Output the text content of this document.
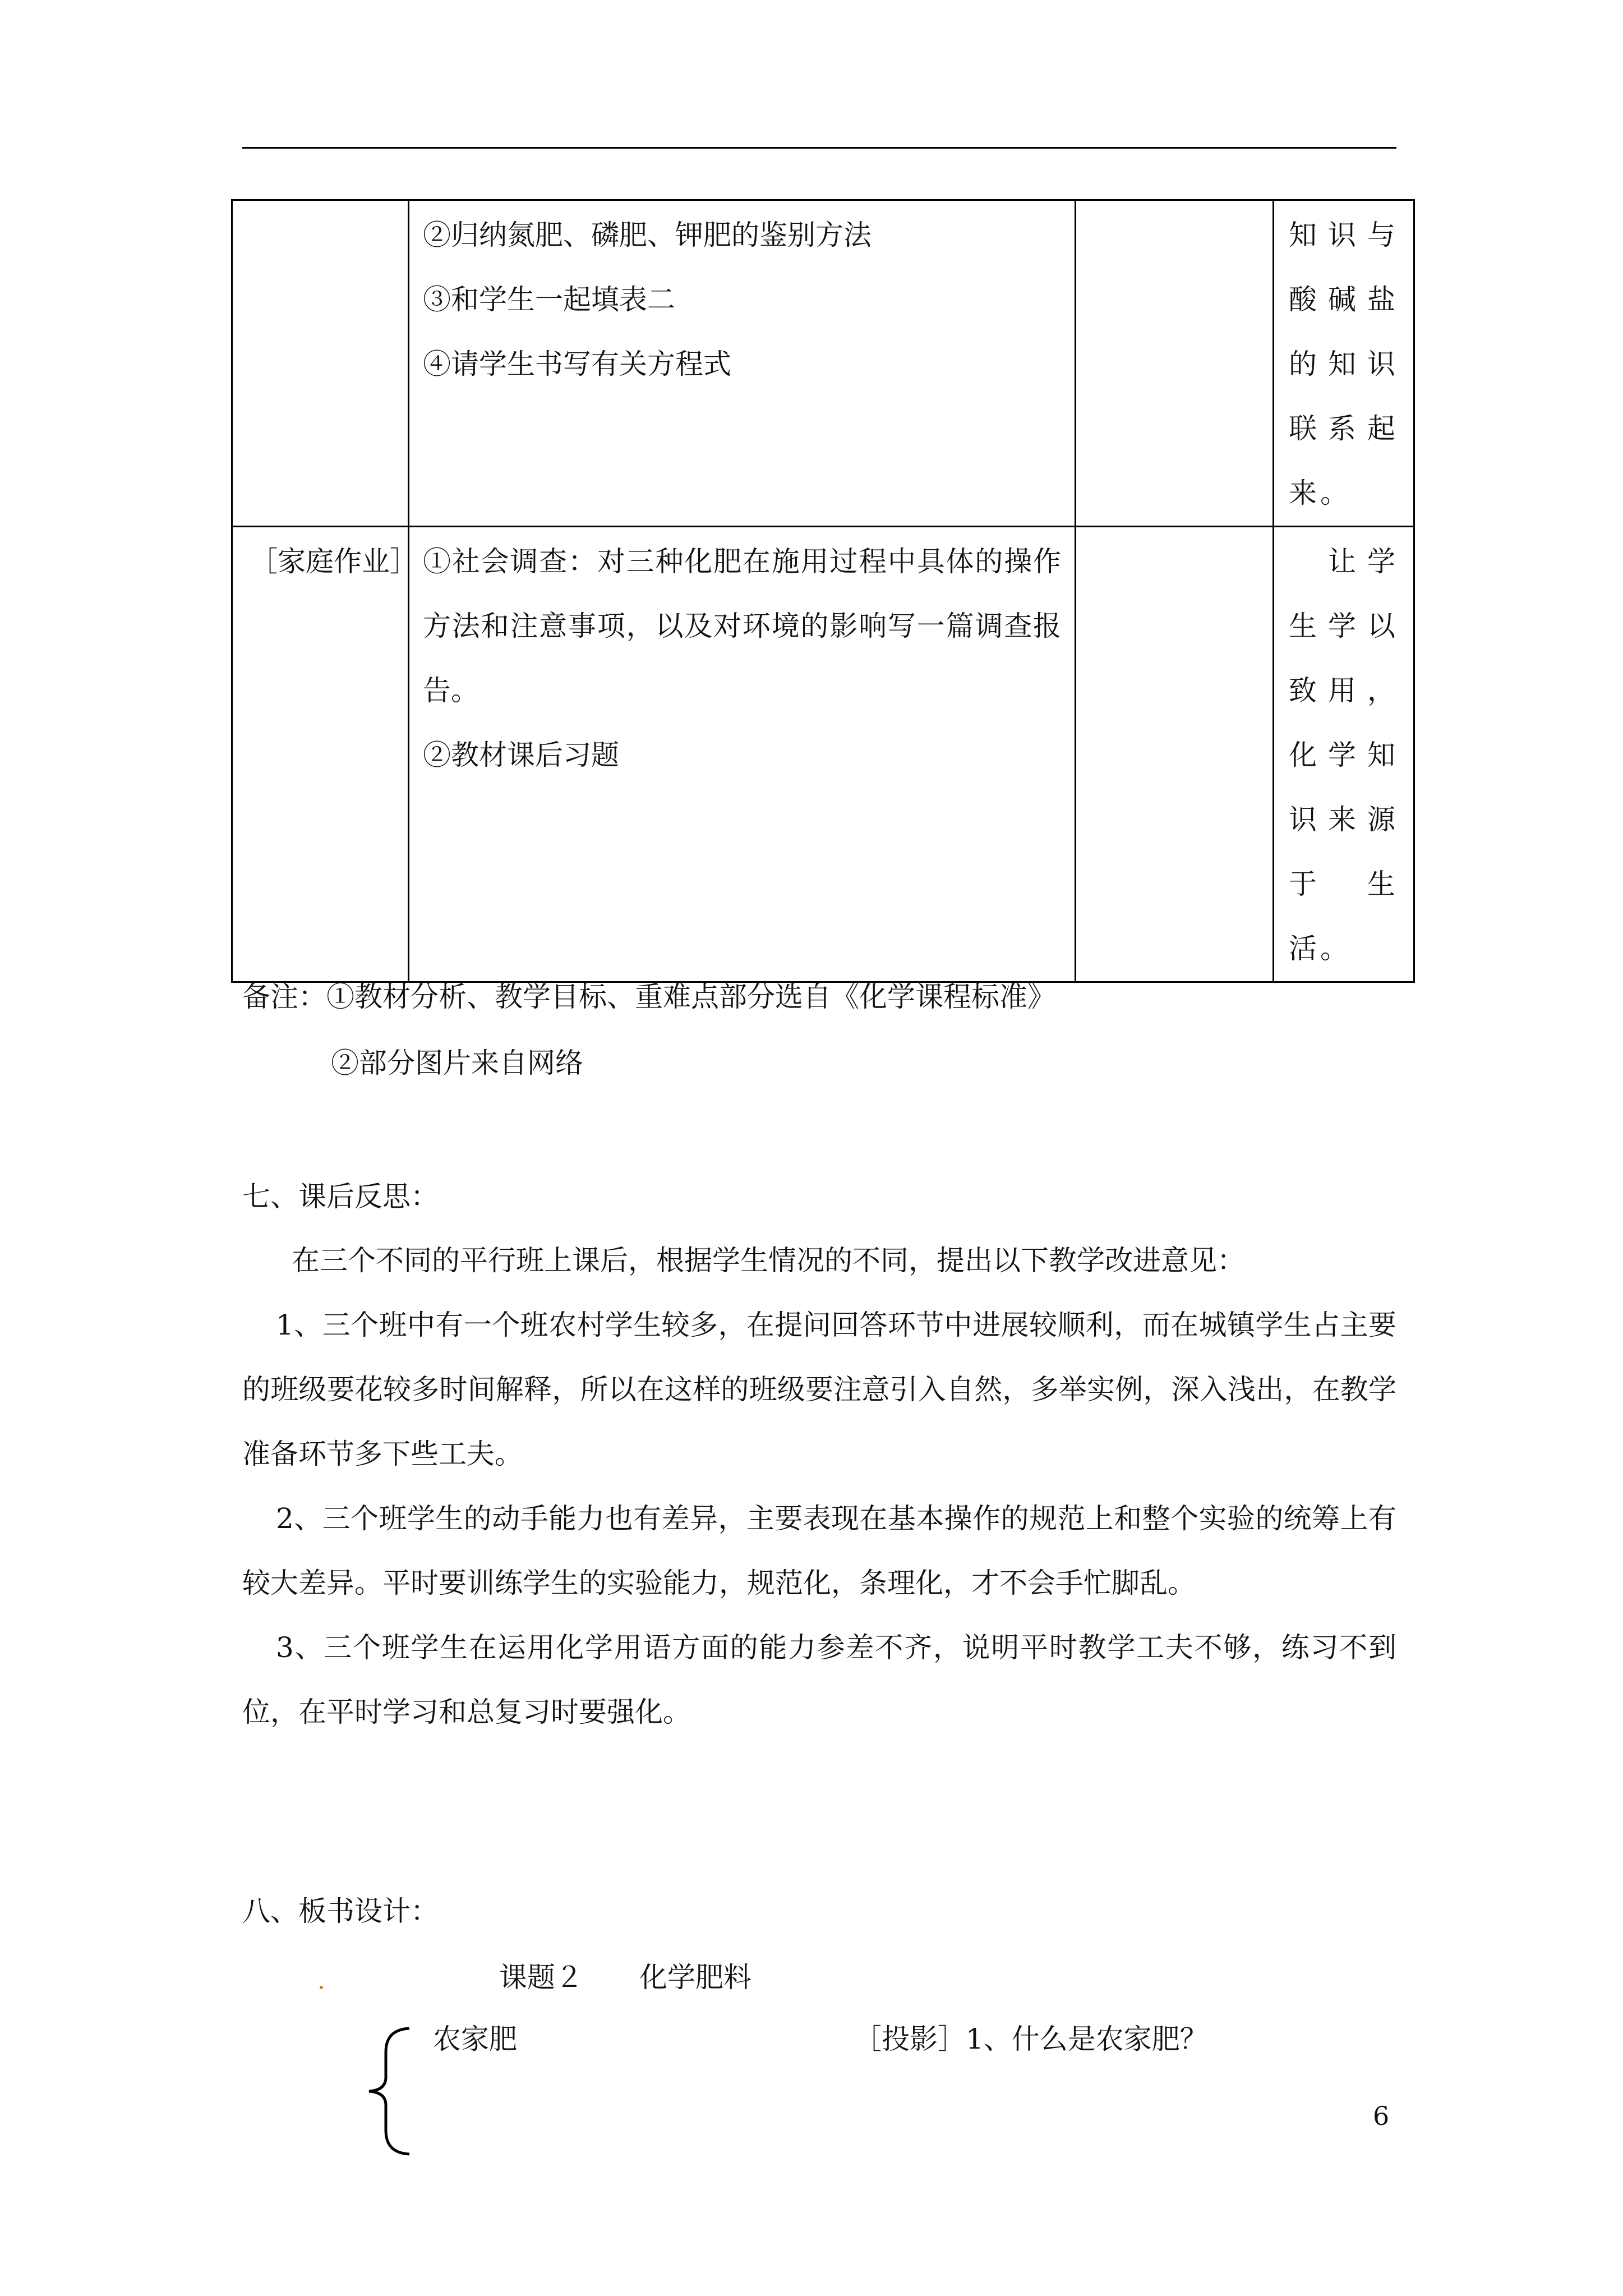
	②归纳氮肥、磷肥、钾肥的鉴别方法
③和学生一起填表二
④请学生书写有关方程式		知识与酸碱盐的知识联系起来。

［家庭作业］	①社会调查：对三种化肥在施用过程中具体的操作方法和注意事项，以及对环境的影响写一篇调查报告。
②教材课后习题		　让学生学以致用，化学知识来源于生活。
备注：①教材分析、教学目标、重难点部分选自《化学课程标准》
②部分图片来自网络
七、课后反思：
在三个不同的平行班上课后，根据学生情况的不同，提出以下教学改进意见：
1、三个班中有一个班农村学生较多，在提问回答环节中进展较顺利，而在城镇学生占主要的班级要花较多时间解释，所以在这样的班级要注意引入自然，多举实例，深入浅出，在教学准备环节多下些工夫。
2、三个班学生的动手能力也有差异，主要表现在基本操作的规范上和整个实验的统筹上有较大差异。平时要训练学生的实验能力，规范化，条理化，才不会手忙脚乱。
3、三个班学生在运用化学用语方面的能力参差不齐，说明平时教学工夫不够，练习不到位，在平时学习和总复习时要强化。
八、板书设计：
课题２　　化学肥料
农家肥	［投影］1、什么是农家肥？
6
